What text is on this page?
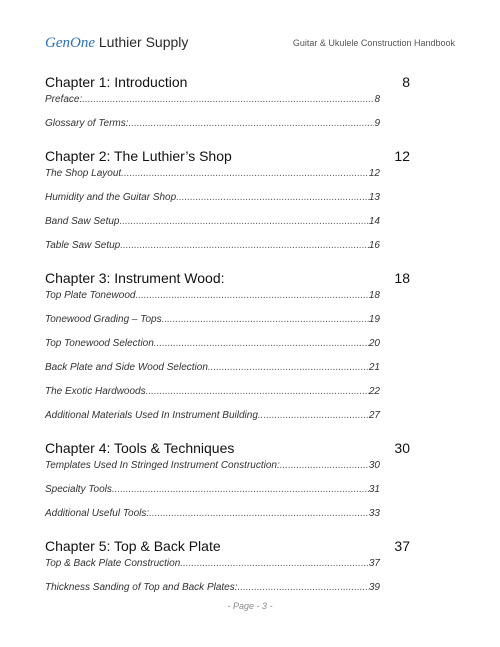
GenOne Luthier Supply	Guitar & Ukulele Construction Handbook
Chapter 1: Introduction	8
Preface: .....	8
Glossary of Terms: .....	9
Chapter 2: The Luthier’s Shop	12
The Shop Layout .....	12
Humidity and the Guitar Shop .....	13
Band Saw Setup .....	14
Table Saw Setup .....	16
Chapter 3: Instrument Wood:	18
Top Plate Tonewood .....	18
Tonewood Grading – Tops .....	19
Top Tonewood Selection .....	20
Back Plate and Side Wood Selection .....	21
The Exotic Hardwoods .....	22
Additional Materials Used In Instrument Building .....	27
Chapter 4: Tools & Techniques	30
Templates Used In Stringed Instrument Construction: .....	30
Specialty Tools .....	31
Additional Useful Tools: .....	33
Chapter 5: Top & Back Plate	37
Top & Back Plate Construction .....	37
Thickness Sanding of Top and Back Plates: .....	39
- Page - 3 -
